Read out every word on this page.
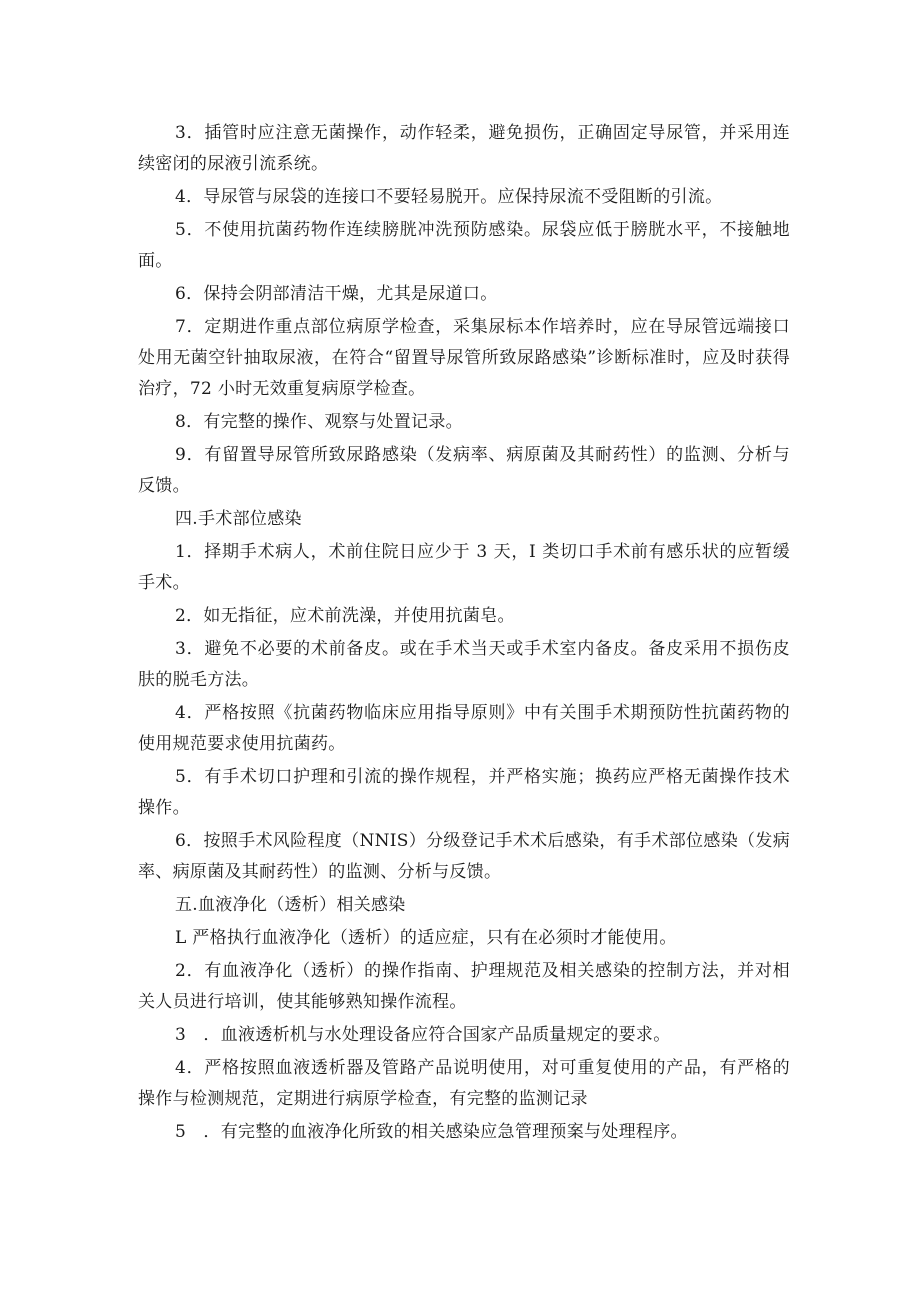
3．插管时应注意无菌操作，动作轻柔，避免损伤，正确固定导尿管，并采用连续密闭的尿液引流系统。

4．导尿管与尿袋的连接口不要轻易脱开。应保持尿流不受阻断的引流。

5．不使用抗菌药物作连续膀胱冲洗预防感染。尿袋应低于膀胱水平，不接触地面。

6．保持会阴部清洁干燥，尤其是尿道口。

7．定期进作重点部位病原学检查，采集尿标本作培养时，应在导尿管远端接口处用无菌空针抽取尿液，在符合“留置导尿管所致尿路感染”诊断标准时，应及时获得治疗，72 小时无效重复病原学检查。

8．有完整的操作、观察与处置记录。

9．有留置导尿管所致尿路感染（发病率、病原菌及其耐药性）的监测、分析与反馈。

四.手术部位感染

1．择期手术病人，术前住院日应少于 3 天，I 类切口手术前有感乐状的应暂缓手术。

2．如无指征，应术前洗澡，并使用抗菌皂。

3．避免不必要的术前备皮。或在手术当天或手术室内备皮。备皮采用不损伤皮肤的脱毛方法。

4．严格按照《抗菌药物临床应用指导原则》中有关围手术期预防性抗菌药物的使用规范要求使用抗菌药。

5．有手术切口护理和引流的操作规程，并严格实施；换药应严格无菌操作技术操作。

6．按照手术风险程度（NNIS）分级登记手术术后感染，有手术部位感染（发病率、病原菌及其耐药性）的监测、分析与反馈。

五.血液净化（透析）相关感染

L 严格执行血液净化（透析）的适应症，只有在必须时才能使用。

2．有血液净化（透析）的操作指南、护理规范及相关感染的控制方法，并对相关人员进行培训，使其能够熟知操作流程。

3　．血液透析机与水处理设备应符合国家产品质量规定的要求。

4．严格按照血液透析器及管路产品说明使用，对可重复使用的产品，有严格的操作与检测规范，定期进行病原学检查，有完整的监测记录

5　．有完整的血液净化所致的相关感染应急管理预案与处理程序。
